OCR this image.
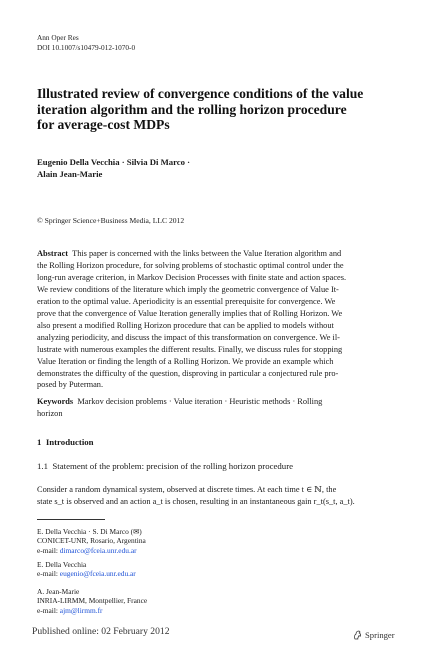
Ann Oper Res
DOI 10.1007/s10479-012-1070-0
Illustrated review of convergence conditions of the value
iteration algorithm and the rolling horizon procedure
for average-cost MDPs
Eugenio Della Vecchia · Silvia Di Marco ·
Alain Jean-Marie
© Springer Science+Business Media, LLC 2012
Abstract This paper is concerned with the links between the Value Iteration algorithm and
the Rolling Horizon procedure, for solving problems of stochastic optimal control under the
long-run average criterion, in Markov Decision Processes with finite state and action spaces.
We review conditions of the literature which imply the geometric convergence of Value It-
eration to the optimal value. Aperiodicity is an essential prerequisite for convergence. We
prove that the convergence of Value Iteration generally implies that of Rolling Horizon. We
also present a modified Rolling Horizon procedure that can be applied to models without
analyzing periodicity, and discuss the impact of this transformation on convergence. We il-
lustrate with numerous examples the different results. Finally, we discuss rules for stopping
Value Iteration or finding the length of a Rolling Horizon. We provide an example which
demonstrates the difficulty of the question, disproving in particular a conjectured rule pro-
posed by Puterman.
Keywords Markov decision problems · Value iteration · Heuristic methods · Rolling
horizon
1 Introduction
1.1 Statement of the problem: precision of the rolling horizon procedure
Consider a random dynamical system, observed at discrete times. At each time t ∈ ℕ, the
state s_t is observed and an action a_t is chosen, resulting in an instantaneous gain r_t(s_t, a_t).
E. Della Vecchia · S. Di Marco (✉)
CONICET-UNR, Rosario, Argentina
e-mail: dimarco@fceia.unr.edu.ar
E. Della Vecchia
e-mail: eugenio@fceia.unr.edu.ar
A. Jean-Marie
INRIA-LIRMM, Montpellier, France
e-mail: ajm@lirmm.fr
Published online: 02 February 2012	Springer
